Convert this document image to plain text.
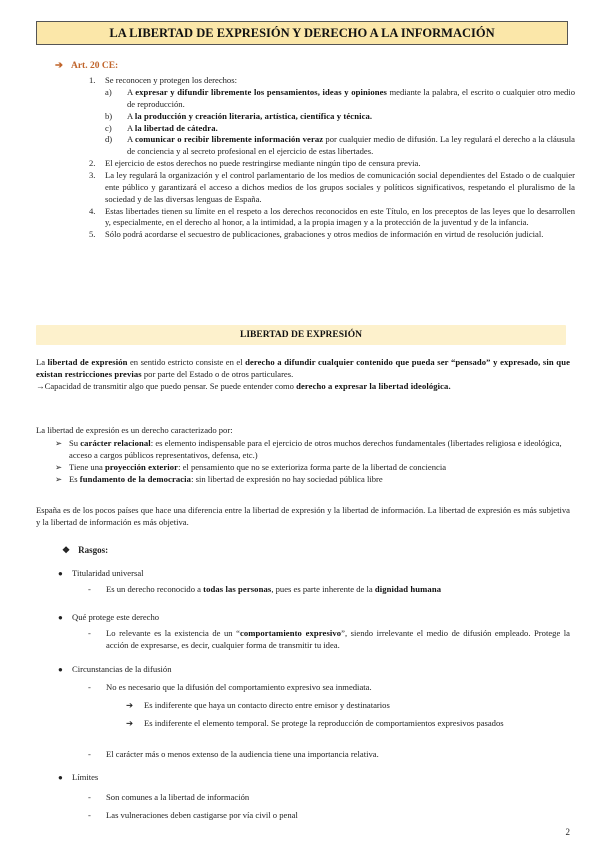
LA LIBERTAD DE EXPRESIÓN Y DERECHO A LA INFORMACIÓN
➔ Art. 20 CE:
1. Se reconocen y protegen los derechos:
a) A expresar y difundir libremente los pensamientos, ideas y opiniones mediante la palabra, el escrito o cualquier otro medio de reproducción.
b) A la producción y creación literaria, artística, científica y técnica.
c) A la libertad de cátedra.
d) A comunicar o recibir libremente información veraz por cualquier medio de difusión. La ley regulará el derecho a la cláusula de conciencia y al secreto profesional en el ejercicio de estas libertades.
2. El ejercicio de estos derechos no puede restringirse mediante ningún tipo de censura previa.
3. La ley regulará la organización y el control parlamentario de los medios de comunicación social dependientes del Estado o de cualquier ente público y garantizará el acceso a dichos medios de los grupos sociales y políticos significativos, respetando el pluralismo de la sociedad y de las diversas lenguas de España.
4. Estas libertades tienen su límite en el respeto a los derechos reconocidos en este Título, en los preceptos de las leyes que lo desarrollen y, especialmente, en el derecho al honor, a la intimidad, a la propia imagen y a la protección de la juventud y de la infancia.
5. Sólo podrá acordarse el secuestro de publicaciones, grabaciones y otros medios de información en virtud de resolución judicial.
LIBERTAD DE EXPRESIÓN
La libertad de expresión en sentido estricto consiste en el derecho a difundir cualquier contenido que pueda ser “pensado” y expresado, sin que existan restricciones previas por parte del Estado o de otros particulares.
→Capacidad de transmitir algo que puedo pensar. Se puede entender como derecho a expresar la libertad ideológica.
La libertad de expresión es un derecho caracterizado por:
➢ Su carácter relacional: es elemento indispensable para el ejercicio de otros muchos derechos fundamentales (libertades religiosa e ideológica, acceso a cargos públicos representativos, defensa, etc.)
➢ Tiene una proyección exterior: el pensamiento que no se exterioriza forma parte de la libertad de conciencia
➢ Es fundamento de la democracia: sin libertad de expresión no hay sociedad pública libre
España es de los pocos países que hace una diferencia entre la libertad de expresión y la libertad de información. La libertad de expresión es más subjetiva y la libertad de información es más objetiva.
❖ Rasgos:
● Titularidad universal
- Es un derecho reconocido a todas las personas, pues es parte inherente de la dignidad humana
● Qué protege este derecho
- Lo relevante es la existencia de un “comportamiento expresivo”, siendo irrelevante el medio de difusión empleado. Protege la acción de expresarse, es decir, cualquier forma de transmitir tu idea.
● Circunstancias de la difusión
- No es necesario que la difusión del comportamiento expresivo sea inmediata.
➔ Es indiferente que haya un contacto directo entre emisor y destinatarios
➔ Es indiferente el elemento temporal. Se protege la reproducción de comportamientos expresivos pasados
- El carácter más o menos extenso de la audiencia tiene una importancia relativa.
● Límites
- Son comunes a la libertad de información
- Las vulneraciones deben castigarse por vía civil o penal
2
